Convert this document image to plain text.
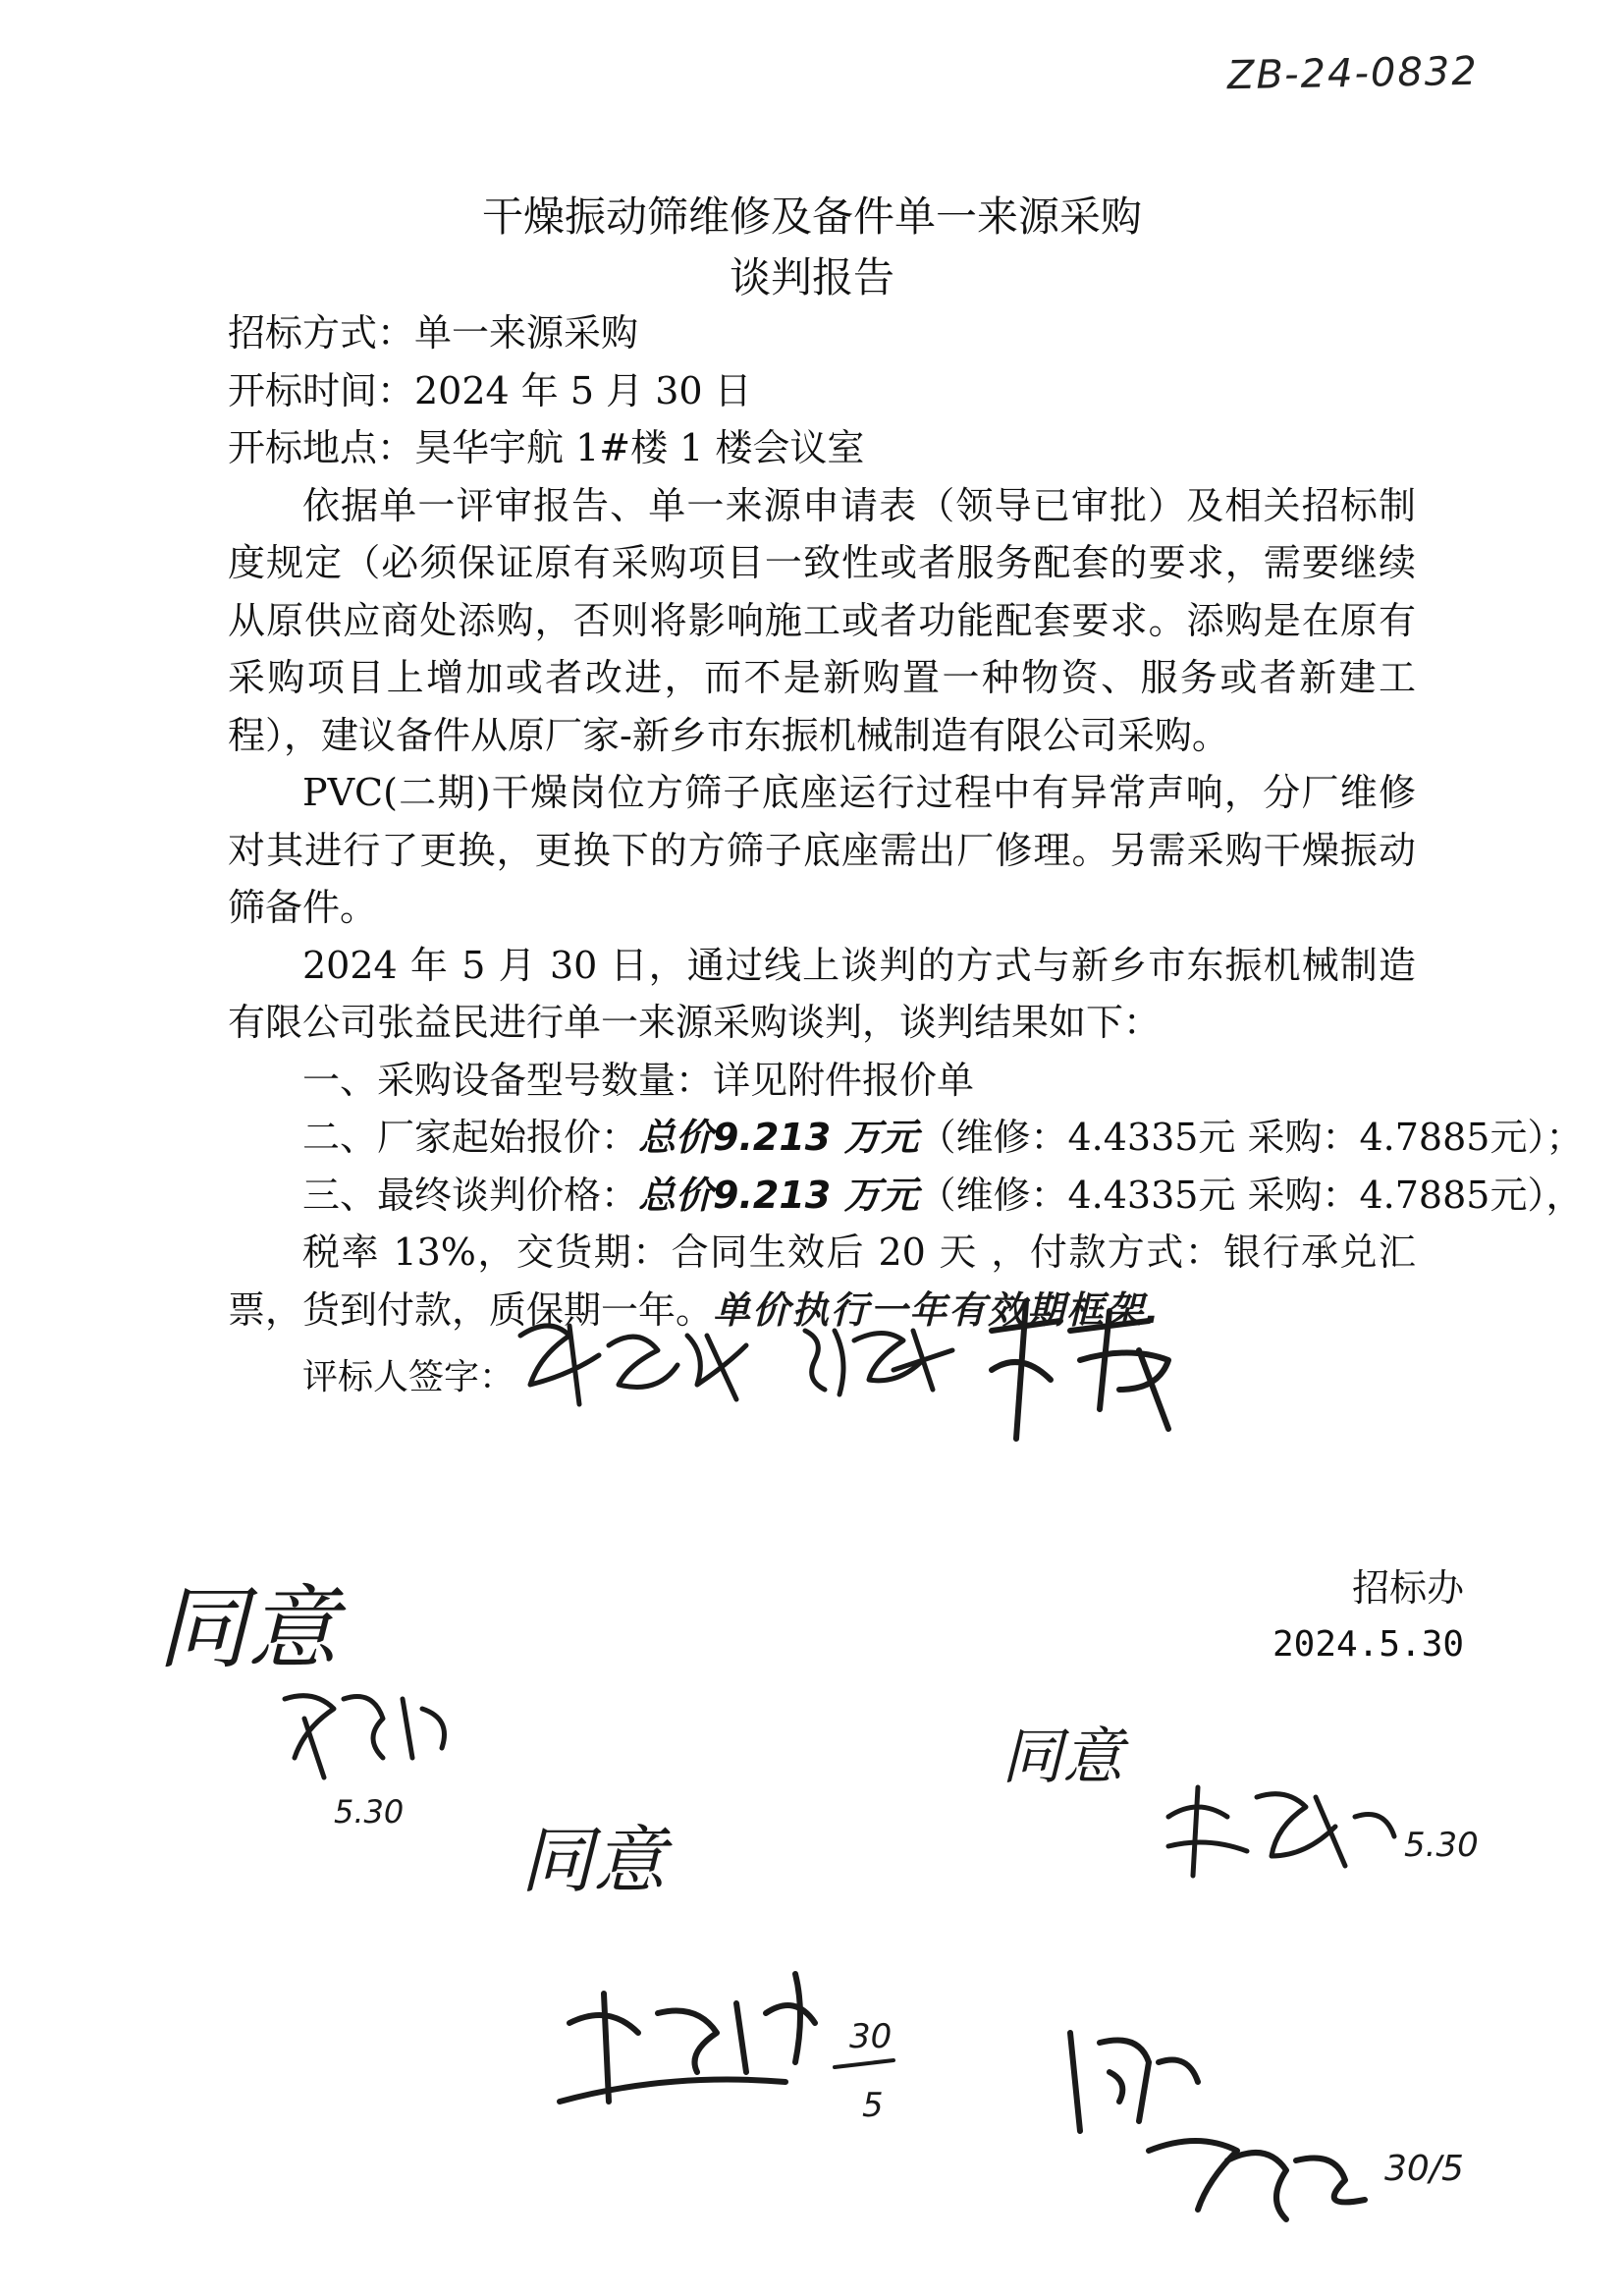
ZB-24-0832
干燥振动筛维修及备件单一来源采购
谈判报告

招标方式：单一来源采购

开标时间：2024 年 5 月 30 日

开标地点：昊华宇航 1#楼 1 楼会议室

依据单一评审报告、单一来源申请表（领导已审批）及相关招标制度规定（必须保证原有采购项目一致性或者服务配套的要求，需要继续从原供应商处添购，否则将影响施工或者功能配套要求。添购是在原有采购项目上增加或者改进，而不是新购置一种物资、服务或者新建工程），建议备件从原厂家-新乡市东振机械制造有限公司采购。

PVC(二期)干燥岗位方筛子底座运行过程中有异常声响，分厂维修对其进行了更换，更换下的方筛子底座需出厂修理。另需采购干燥振动筛备件。

2024 年 5 月 30 日，通过线上谈判的方式与新乡市东振机械制造有限公司张益民进行单一来源采购谈判，谈判结果如下：

一、采购设备型号数量：详见附件报价单

二、厂家起始报价：总价9.213 万元（维修：4.4335元 采购：4.7885元）；

三、最终谈判价格：总价9.213 万元（维修：4.4335元 采购：4.7885元），

税率 13%，交货期：合同生效后 20 天 ，付款方式：银行承兑汇票，货到付款，质保期一年。单价执行一年有效期框架.

评标人签字：
招标办
2024.5.30
同意
5.30
同意
同意
5.30
30
5
30/5
